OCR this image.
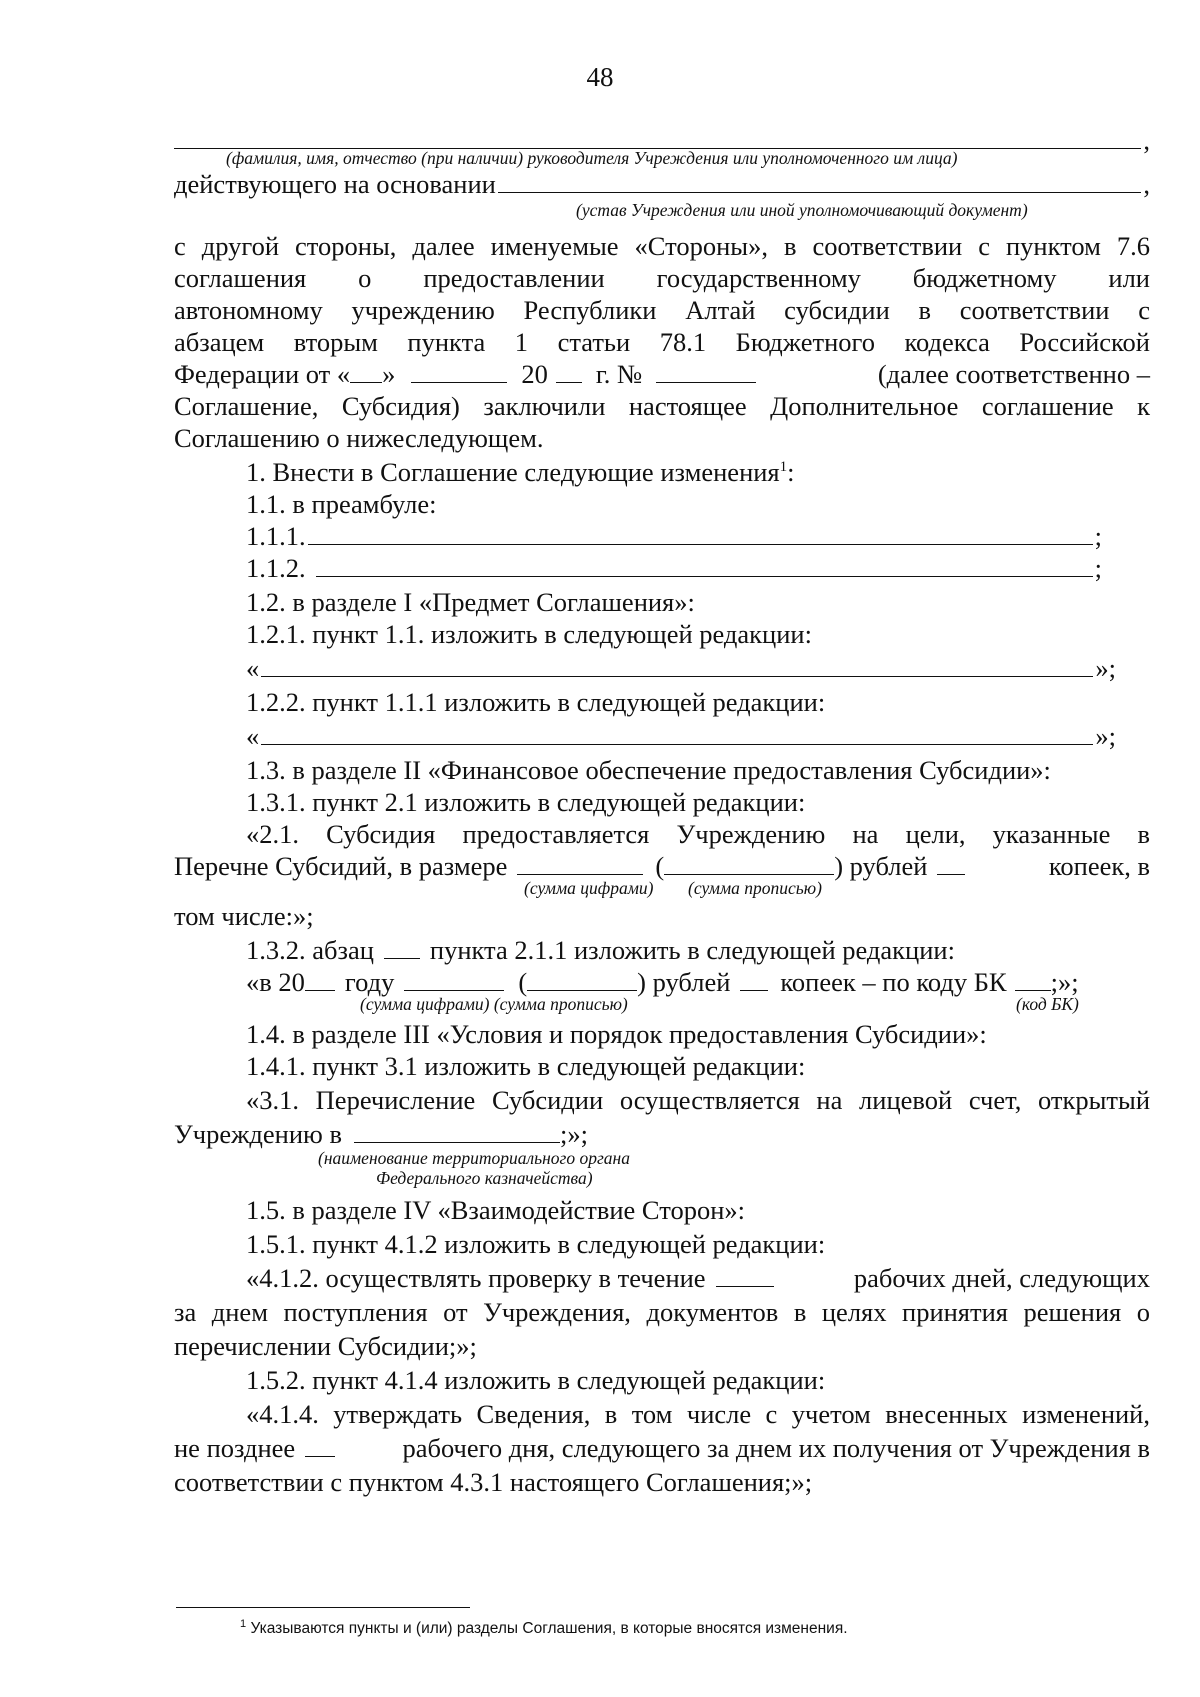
48
,
(фамилия, имя, отчество (при наличии) руководителя Учреждения или уполномоченного им лица)
действующего на основании	,
(устав Учреждения или иной уполномочивающий документ)
с другой стороны, далее именуемые «Стороны», в соответствии с пунктом 7.6
соглашения о предоставлении государственному бюджетному или
автономному учреждению Республики Алтай субсидии в соответствии с
абзацем вторым пункта 1 статьи 78.1 Бюджетного кодекса Российской
Федерации от « »	20 г. №	(далее соответственно –
Соглашение, Субсидия) заключили настоящее Дополнительное соглашение к
Соглашению о нижеследующем.
1. Внести в Соглашение следующие изменения$^1$:
1.1. в преамбуле:
1.1.1.	;
1.1.2.	;
1.2. в разделе I «Предмет Соглашения»:
1.2.1. пункт 1.1. изложить в следующей редакции:
«	»;
1.2.2. пункт 1.1.1 изложить в следующей редакции:
«	»;
1.3. в разделе II «Финансовое обеспечение предоставления Субсидии»:
1.3.1. пункт 2.1 изложить в следующей редакции:
«2.1. Субсидия предоставляется Учреждению на цели, указанные в
Перечне Субсидий, в размере	(	) рублей	копеек, в
(сумма цифрами) (сумма прописью)
том числе:»;
1.3.2. абзац пункта 2.1.1 изложить в следующей редакции:
«в 20 году	(	) рублей копеек – по коду БК ;»;
(сумма цифрами) (сумма прописью)	(код БК)
1.4. в разделе III «Условия и порядок предоставления Субсидии»:
1.4.1. пункт 3.1 изложить в следующей редакции:
«3.1. Перечисление Субсидии осуществляется на лицевой счет, открытый
Учреждению в	;»;
(наименование территориального органа
Федерального казначейства)
1.5. в разделе IV «Взаимодействие Сторон»:
1.5.1. пункт 4.1.2 изложить в следующей редакции:
«4.1.2. осуществлять проверку в течение	рабочих дней, следующих
за днем поступления от Учреждения, документов в целях принятия решения о
перечислении Субсидии;»;
1.5.2. пункт 4.1.4 изложить в следующей редакции:
«4.1.4. утверждать Сведения, в том числе с учетом внесенных изменений,
не позднее	рабочего дня, следующего за днем их получения от Учреждения в
соответствии с пунктом 4.3.1 настоящего Соглашения;»;
$^1$ Указываются пункты и (или) разделы Соглашения, в которые вносятся изменения.
